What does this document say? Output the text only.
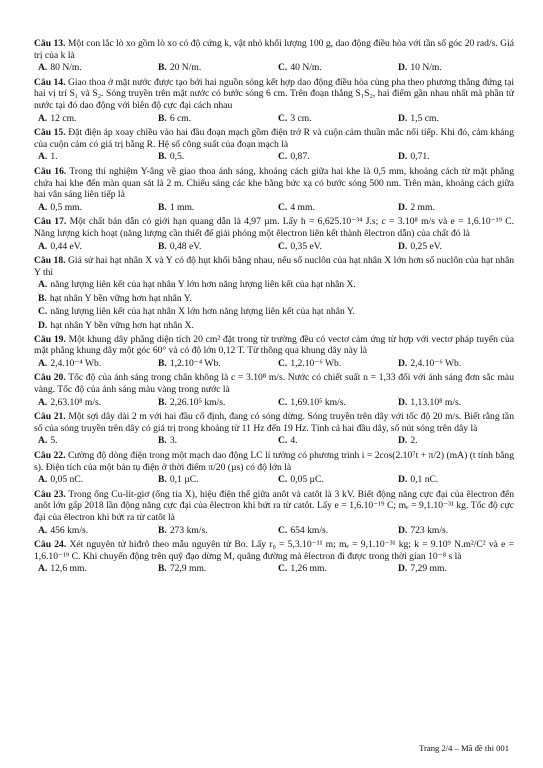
Câu 13. Một con lắc lò xo gồm lò xo có độ cứng k, vật nhỏ khối lượng 100 g, dao động điều hòa với tần số góc 20 rad/s. Giá trị của k là
A. 80 N/m.	B. 20 N/m.	C. 40 N/m.	D. 10 N/m.
Câu 14. Giao thoa ở mặt nước được tạo bởi hai nguồn sóng kết hợp dao động điều hòa cùng pha theo phương thẳng đứng tại hai vị trí S₁ và S₂. Sóng truyền trên mặt nước có bước sóng 6 cm. Trên đoạn thẳng S₁S₂, hai điểm gần nhau nhất mà phần tử nước tại đó dao động với biên độ cực đại cách nhau
A. 12 cm.	B. 6 cm.	C. 3 cm.	D. 1,5 cm.
Câu 15. Đặt điện áp xoay chiều vào hai đầu đoạn mạch gồm điện trở R và cuộn cảm thuần mắc nối tiếp. Khi đó, cảm kháng của cuộn cảm có giá trị bằng R. Hệ số công suất của đoạn mạch là
A. 1.	B. 0,5.	C. 0,87.	D. 0,71.
Câu 16. Trong thí nghiệm Y-âng về giao thoa ánh sáng, khoảng cách giữa hai khe là 0,5 mm, khoảng cách từ mặt phẳng chứa hai khe đến màn quan sát là 2 m. Chiếu sáng các khe bằng bức xạ có bước sóng 500 nm. Trên màn, khoảng cách giữa hai vân sáng liên tiếp là
A. 0,5 mm.	B. 1 mm.	C. 4 mm.	D. 2 mm.
Câu 17. Một chất bán dẫn có giới hạn quang dẫn là 4,97 µm. Lấy h = 6,625.10⁻³⁴ J.s; c = 3.10⁸ m/s và e = 1,6.10⁻¹⁹ C. Năng lượng kích hoạt (năng lượng cần thiết để giải phóng một êlectron liên kết thành êlectron dẫn) của chất đó là
A. 0,44 eV.	B. 0,48 eV.	C. 0,35 eV.	D. 0,25 eV.
Câu 18. Giả sử hai hạt nhân X và Y có độ hụt khối bằng nhau, nếu số nuclôn của hạt nhân X lớn hơn số nuclôn của hạt nhân Y thì
A. năng lượng liên kết của hạt nhân Y lớn hơn năng lượng liên kết của hạt nhân X.
B. hạt nhân Y bền vững hơn hạt nhân Y.
C. năng lượng liên kết của hạt nhân X lớn hơn năng lượng liên kết của hạt nhân Y.
D. hạt nhân Y bền vững hơn hạt nhân X.
Câu 19. Một khung dây phẳng diện tích 20 cm² đặt trong từ trường đều có vectơ cảm ứng từ hợp với vectơ pháp tuyến của mặt phẳng khung dây một góc 60° và có độ lớn 0,12 T. Từ thông qua khung dây này là
A. 2,4.10⁻⁴ Wb.	B. 1,2.10⁻⁴ Wb.	C. 1,2.10⁻⁶ Wb.	D. 2,4.10⁻⁶ Wb.
Câu 20. Tốc độ của ánh sáng trong chân không là c = 3.10⁸ m/s. Nước có chiết suất n = 1,33 đối với ánh sáng đơn sắc màu vàng. Tốc độ của ánh sáng màu vàng trong nước là
A. 2,63.10⁸ m/s.	B. 2,26.10⁵ km/s.	C. 1,69.10⁵ km/s.	D. 1,13.10⁸ m/s.
Câu 21. Một sợi dây dài 2 m với hai đầu cố định, đang có sóng dừng. Sóng truyền trên dây với tốc độ 20 m/s. Biết rằng tần số của sóng truyền trên dây có giá trị trong khoảng từ 11 Hz đến 19 Hz. Tính cả hai đầu dây, số nút sóng trên dây là
A. 5.	B. 3.	C. 4.	D. 2.
Câu 22. Cường độ dòng điện trong một mạch dao động LC lí tưởng có phương trình i = 2cos(2.10⁷t + π/2) (mA) (t tính bằng s). Điện tích của một bản tụ điện ở thời điểm π/20 (µs) có độ lớn là
A. 0,05 nC.	B. 0,1 µC.	C. 0,05 µC.	D. 0,1 nC.
Câu 23. Trong ống Cu-lít-giơ (ống tia X), hiệu điện thế giữa anôt và catôt là 3 kV. Biết động năng cực đại của êlectron đến anôt lớn gấp 2018 lần động năng cực đại của êlectron khi bứt ra từ catôt. Lấy e = 1,6.10⁻¹⁹ C; mₑ = 9,1.10⁻³¹ kg. Tốc độ cực đại của êlectron khi bứt ra từ catôt là
A. 456 km/s.	B. 273 km/s.	C. 654 km/s.	D. 723 km/s.
Câu 24. Xét nguyên tử hiđrô theo mẫu nguyên tử Bo. Lấy r₀ = 5,3.10⁻¹¹ m; mₑ = 9,1.10⁻³¹ kg; k = 9.10⁹ N.m²/C² và e = 1,6.10⁻¹⁹ C. Khi chuyển động trên quỹ đạo dừng M, quãng đường mà êlectron đi được trong thời gian 10⁻⁸ s là
A. 12,6 mm.	B. 72,9 mm.	C. 1,26 mm.	D. 7,29 mm.
Trang 2/4 – Mã đề thi 001
